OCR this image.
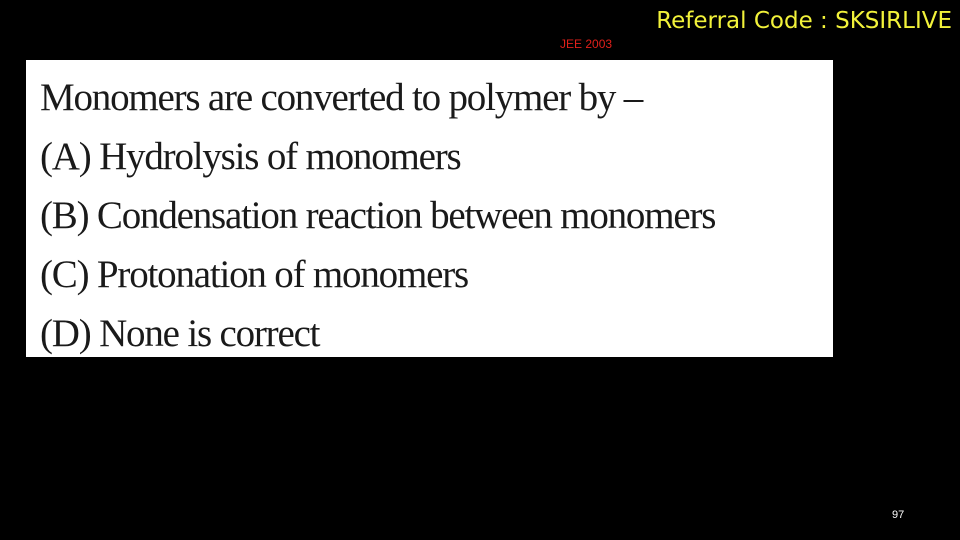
Referral Code : SKSIRLIVE
JEE 2003
Monomers are converted to polymer by –
(A) Hydrolysis of monomers
(B) Condensation reaction between monomers
(C) Protonation of monomers
(D) None is correct
97
